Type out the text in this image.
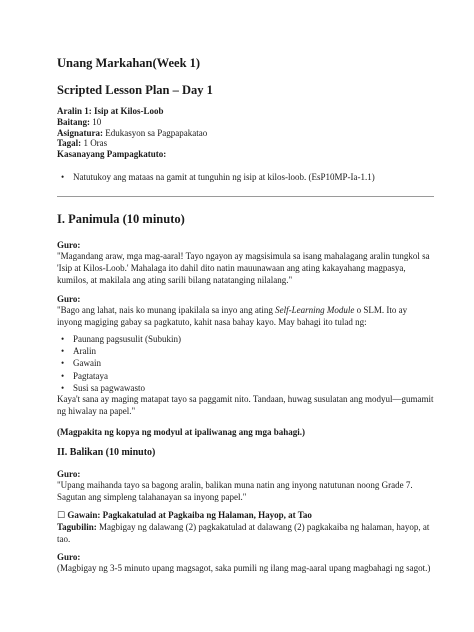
Unang Markahan(Week 1)
Scripted Lesson Plan – Day 1
Aralin 1: Isip at Kilos-Loob
Baitang: 10
Asignatura: Edukasyon sa Pagpapakatao
Tagal: 1 Oras
Kasanayang Pampagkatuto:
• Natutukoy ang mataas na gamit at tunguhin ng isip at kilos-loob. (EsP10MP-Ia-1.1)
I. Panimula (10 minuto)
Guro:
"Magandang araw, mga mag-aaral! Tayo ngayon ay magsisimula sa isang mahalagang aralin tungkol sa 'Isip at Kilos-Loob.' Mahalaga ito dahil dito natin mauunawaan ang ating kakayahang magpasya, kumilos, at makilala ang ating sarili bilang natatanging nilalang."
Guro:
"Bago ang lahat, nais ko munang ipakilala sa inyo ang ating Self-Learning Module o SLM. Ito ay inyong magiging gabay sa pagkatuto, kahit nasa bahay kayo. May bahagi ito tulad ng:
• Paunang pagsusulit (Subukin)
• Aralin
• Gawain
• Pagtataya
• Susi sa pagwawasto
Kaya't sana ay maging matapat tayo sa paggamit nito. Tandaan, huwag susulatan ang modyul—gumamit ng hiwalay na papel."
(Magpakita ng kopya ng modyul at ipaliwanag ang mga bahagi.)
II. Balikan (10 minuto)
Guro:
"Upang maihanda tayo sa bagong aralin, balikan muna natin ang inyong natutunan noong Grade 7. Sagutan ang simpleng talahanayan sa inyong papel."
☐ Gawain: Pagkakatulad at Pagkaiba ng Halaman, Hayop, at Tao
Tagubilin: Magbigay ng dalawang (2) pagkakatulad at dalawang (2) pagkakaiba ng halaman, hayop, at tao.
Guro:
(Magbigay ng 3-5 minuto upang magsagot, saka pumili ng ilang mag-aaral upang magbahagi ng sagot.)
